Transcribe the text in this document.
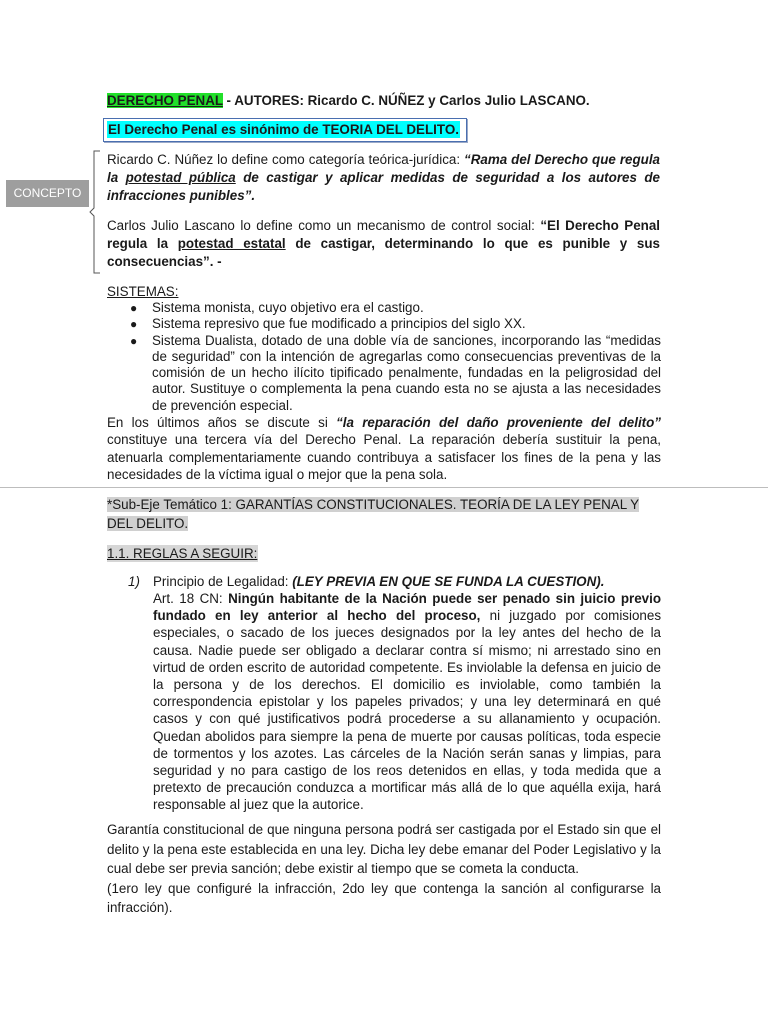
DERECHO PENAL - AUTORES: Ricardo C. NÚÑEZ y Carlos Julio LASCANO.
El Derecho Penal es sinónimo de TEORIA DEL DELITO.
CONCEPTO
Ricardo C. Núñez lo define como categoría teórica-jurídica: “Rama del Derecho que regula la potestad pública de castigar y aplicar medidas de seguridad a los autores de infracciones punibles”.
Carlos Julio Lascano lo define como un mecanismo de control social: “El Derecho Penal regula la potestad estatal de castigar, determinando lo que es punible y sus consecuencias”. -
SISTEMAS:
● Sistema monista, cuyo objetivo era el castigo.
● Sistema represivo que fue modificado a principios del siglo XX.
● Sistema Dualista, dotado de una doble vía de sanciones, incorporando las “medidas de seguridad” con la intención de agregarlas como consecuencias preventivas de la comisión de un hecho ilícito tipificado penalmente, fundadas en la peligrosidad del autor. Sustituye o complementa la pena cuando esta no se ajusta a las necesidades de prevención especial.
En los últimos años se discute si “la reparación del daño proveniente del delito” constituye una tercera vía del Derecho Penal. La reparación debería sustituir la pena, atenuarla complementariamente cuando contribuya a satisfacer los fines de la pena y las necesidades de la víctima igual o mejor que la pena sola.
*Sub-Eje Temático 1: GARANTÍAS CONSTITUCIONALES. TEORÍA DE LA LEY PENAL Y DEL DELITO.
1.1. REGLAS A SEGUIR:
1) Principio de Legalidad: (LEY PREVIA EN QUE SE FUNDA LA CUESTION).
Art. 18 CN: Ningún habitante de la Nación puede ser penado sin juicio previo fundado en ley anterior al hecho del proceso, ni juzgado por comisiones especiales, o sacado de los jueces designados por la ley antes del hecho de la causa. Nadie puede ser obligado a declarar contra sí mismo; ni arrestado sino en virtud de orden escrito de autoridad competente. Es inviolable la defensa en juicio de la persona y de los derechos. El domicilio es inviolable, como también la correspondencia epistolar y los papeles privados; y una ley determinará en qué casos y con qué justificativos podrá procederse a su allanamiento y ocupación. Quedan abolidos para siempre la pena de muerte por causas políticas, toda especie de tormentos y los azotes. Las cárceles de la Nación serán sanas y limpias, para seguridad y no para castigo de los reos detenidos en ellas, y toda medida que a pretexto de precaución conduzca a mortificar más allá de lo que aquélla exija, hará responsable al juez que la autorice.
Garantía constitucional de que ninguna persona podrá ser castigada por el Estado sin que el delito y la pena este establecida en una ley. Dicha ley debe emanar del Poder Legislativo y la cual debe ser previa sanción; debe existir al tiempo que se cometa la conducta.
(1ero ley que configuré la infracción, 2do ley que contenga la sanción al configurarse la infracción).
